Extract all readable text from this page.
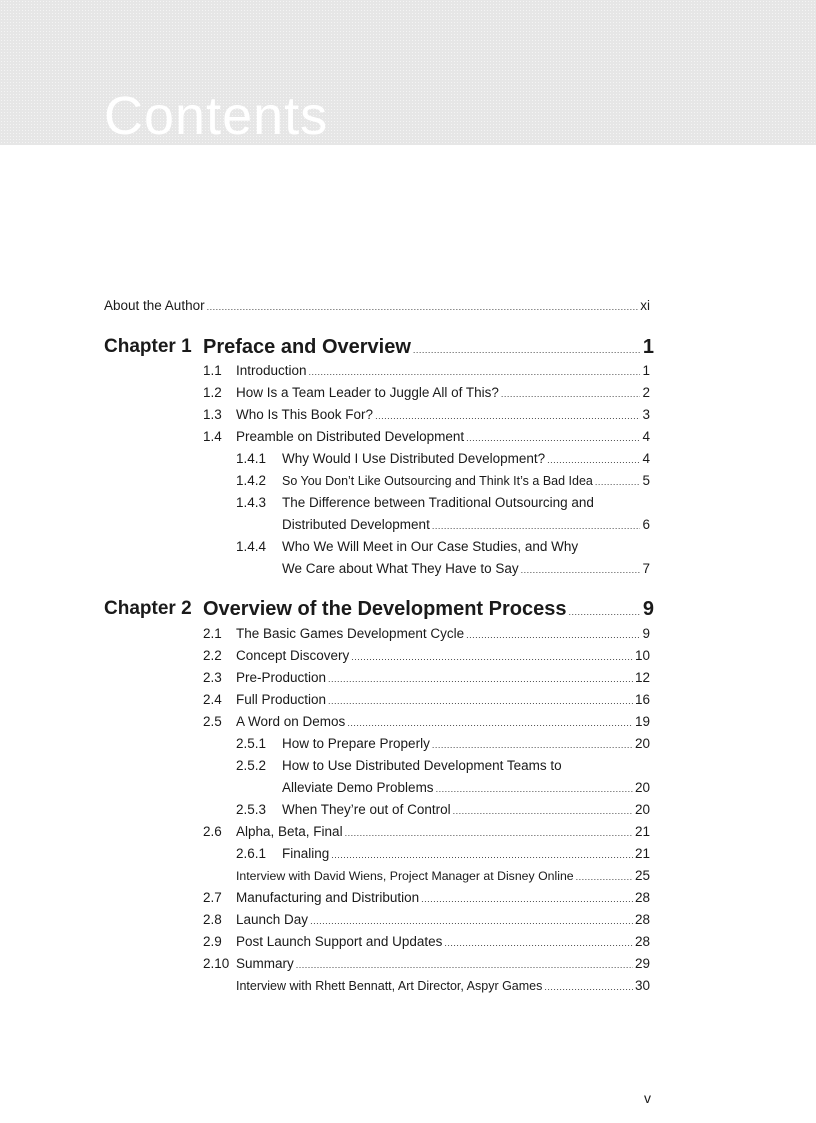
Contents
About the Author .....	xi
Chapter 1 Preface and Overview .....	1
1.1	Introduction .....	1
1.2	How Is a Team Leader to Juggle All of This? .....	2
1.3	Who Is This Book For? .....	3
1.4	Preamble on Distributed Development .....	4
1.4.1	Why Would I Use Distributed Development? .....	4
1.4.2	So You Don’t Like Outsourcing and Think It’s a Bad Idea .....	5
1.4.3 The Difference between Traditional Outsourcing and
Distributed Development .....	6
1.4.4 Who We Will Meet in Our Case Studies, and Why
We Care about What They Have to Say .....	7
Chapter 2 Overview of the Development Process .....	9
2.1	The Basic Games Development Cycle .....	9
2.2	Concept Discovery .....	10
2.3	Pre-Production .....	12
2.4	Full Production .....	16
2.5	A Word on Demos .....	19
2.5.1	How to Prepare Properly .....	20
2.5.2 How to Use Distributed Development Teams to
Alleviate Demo Problems .....	20
2.5.3	When They’re out of Control .....	20
2.6	Alpha, Beta, Final .....	21
2.6.1	Finaling .....	21
Interview with David Wiens, Project Manager at Disney Online .....	25
2.7	Manufacturing and Distribution .....	28
2.8	Launch Day .....	28
2.9	Post Launch Support and Updates .....	28
2.10 Summary .....	29
Interview with Rhett Bennatt, Art Director, Aspyr Games .....	30
v
